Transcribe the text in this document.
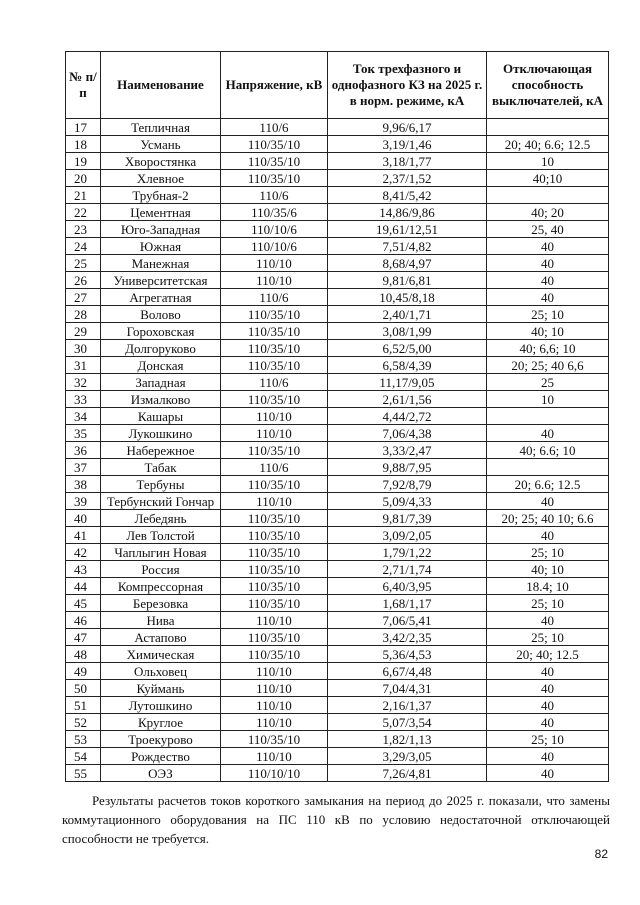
№ п/п	Наименование	Напряжение, кВ	Ток трехфазного и однофазного КЗ на 2025 г. в норм. режиме, кА	Отключающая способность выключателей, кА
17	Тепличная	110/6	9,96/6,17	
18	Усмань	110/35/10	3,19/1,46	20; 40; 6.6; 12.5
19	Хворостянка	110/35/10	3,18/1,77	10
20	Хлевное	110/35/10	2,37/1,52	40;10
21	Трубная-2	110/6	8,41/5,42	
22	Цементная	110/35/6	14,86/9,86	40; 20
23	Юго-Западная	110/10/6	19,61/12,51	25, 40
24	Южная	110/10/6	7,51/4,82	40
25	Манежная	110/10	8,68/4,97	40
26	Университетская	110/10	9,81/6,81	40
27	Агрегатная	110/6	10,45/8,18	40
28	Волово	110/35/10	2,40/1,71	25; 10
29	Гороховская	110/35/10	3,08/1,99	40; 10
30	Долгоруково	110/35/10	6,52/5,00	40; 6,6; 10
31	Донская	110/35/10	6,58/4,39	20; 25; 40 6,6
32	Западная	110/6	11,17/9,05	25
33	Измалково	110/35/10	2,61/1,56	10
34	Кашары	110/10	4,44/2,72	
35	Лукошкино	110/10	7,06/4,38	40
36	Набережное	110/35/10	3,33/2,47	40; 6.6; 10
37	Табак	110/6	9,88/7,95	
38	Тербуны	110/35/10	7,92/8,79	20; 6.6; 12.5
39	Тербунский Гончар	110/10	5,09/4,33	40
40	Лебедянь	110/35/10	9,81/7,39	20; 25; 40 10; 6.6
41	Лев Толстой	110/35/10	3,09/2,05	40
42	Чаплыгин Новая	110/35/10	1,79/1,22	25; 10
43	Россия	110/35/10	2,71/1,74	40; 10
44	Компрессорная	110/35/10	6,40/3,95	18.4; 10
45	Березовка	110/35/10	1,68/1,17	25; 10
46	Нива	110/10	7,06/5,41	40
47	Астапово	110/35/10	3,42/2,35	25; 10
48	Химическая	110/35/10	5,36/4,53	20; 40; 12.5
49	Ольховец	110/10	6,67/4,48	40
50	Куймань	110/10	7,04/4,31	40
51	Лутошкино	110/10	2,16/1,37	40
52	Круглое	110/10	5,07/3,54	40
53	Троекурово	110/35/10	1,82/1,13	25; 10
54	Рождество	110/10	3,29/3,05	40
55	ОЭЗ	110/10/10	7,26/4,81	40

Результаты расчетов токов короткого замыкания на период до 2025 г. показали, что замены коммутационного оборудования на ПС 110 кВ по условию недостаточной отключающей способности не требуется.

82
